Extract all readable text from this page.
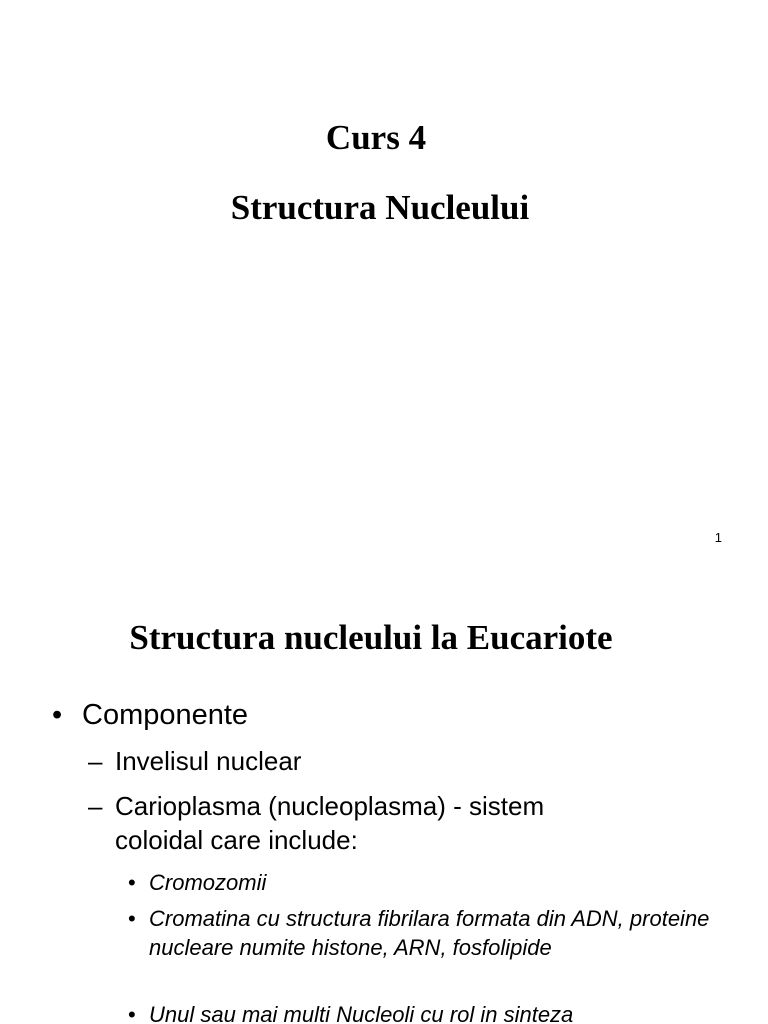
Curs 4
Structura Nucleului
1
Structura nucleului la Eucariote
• Componente
– Invelisul nuclear
– Carioplasma (nucleoplasma) - sistem coloidal care include:
• Cromozomii
• Cromatina cu structura fibrilara formata din ADN, proteine nucleare numite histone, ARN, fosfolipide
• Unul sau mai multi Nucleoli cu rol in sinteza
